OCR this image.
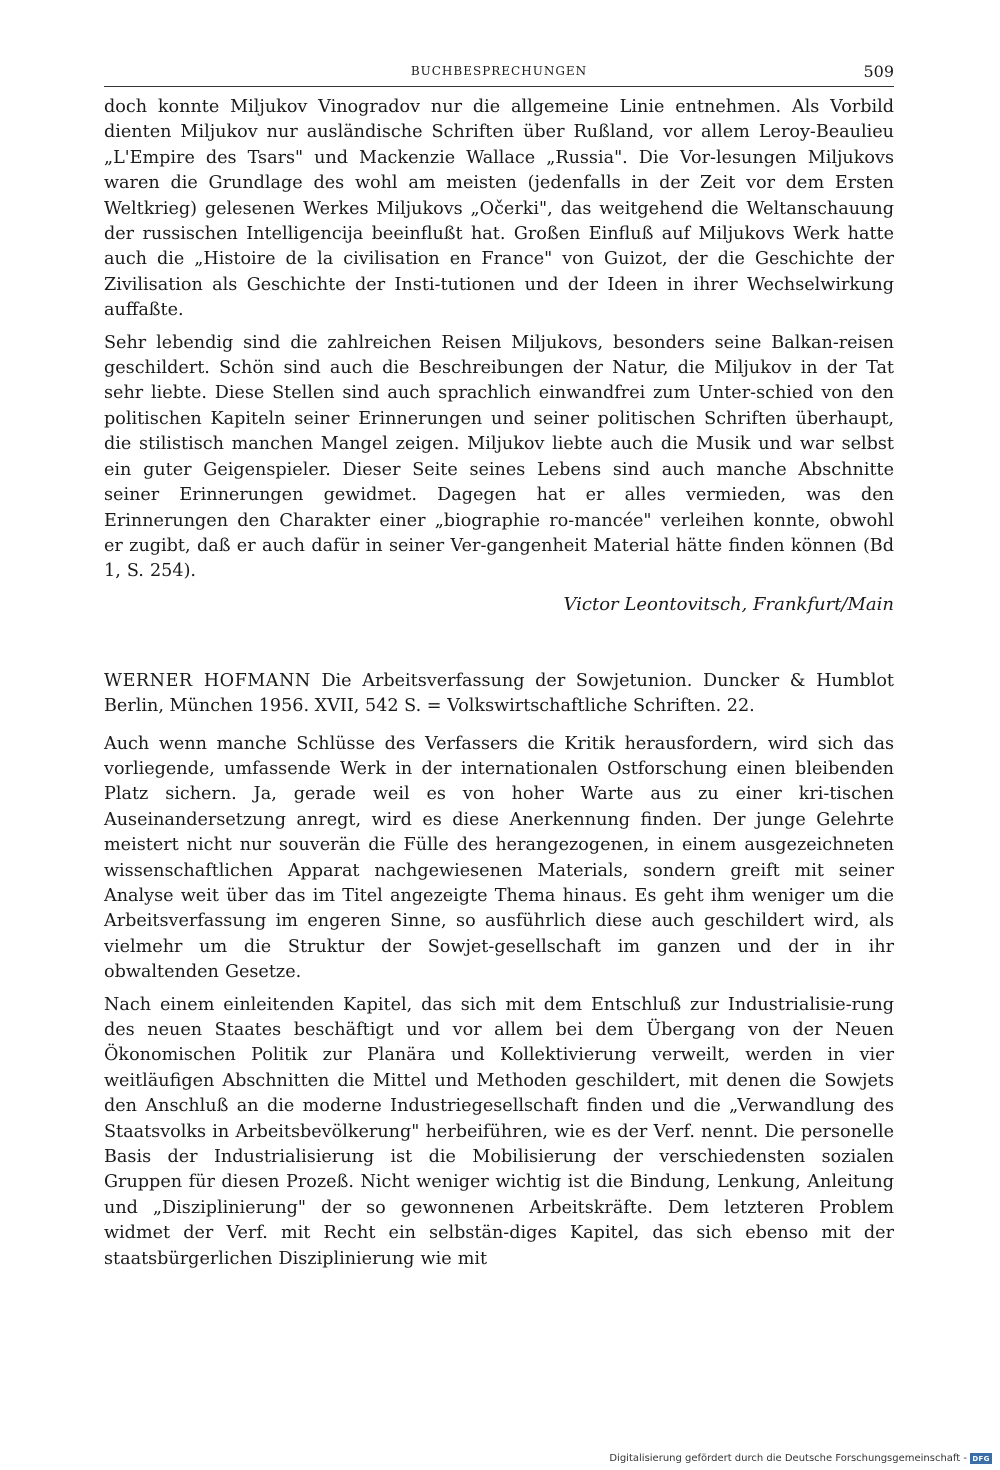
BUCHBESPRECHUNGEN	509

doch konnte Miljukov Vinogradov nur die allgemeine Linie entnehmen. Als Vorbild dienten Miljukov nur ausländische Schriften über Rußland, vor allem Leroy-Beaulieu „L'Empire des Tsars" und Mackenzie Wallace „Russia". Die Vor-lesungen Miljukovs waren die Grundlage des wohl am meisten (jedenfalls in der Zeit vor dem Ersten Weltkrieg) gelesenen Werkes Miljukovs „Očerki", das weitgehend die Weltanschauung der russischen Intelligencija beeinflußt hat. Großen Einfluß auf Miljukovs Werk hatte auch die „Histoire de la civilisation en France" von Guizot, der die Geschichte der Zivilisation als Geschichte der Insti-tutionen und der Ideen in ihrer Wechselwirkung auffaßte.

Sehr lebendig sind die zahlreichen Reisen Miljukovs, besonders seine Balkan-reisen geschildert. Schön sind auch die Beschreibungen der Natur, die Miljukov in der Tat sehr liebte. Diese Stellen sind auch sprachlich einwandfrei zum Unter-schied von den politischen Kapiteln seiner Erinnerungen und seiner politischen Schriften überhaupt, die stilistisch manchen Mangel zeigen. Miljukov liebte auch die Musik und war selbst ein guter Geigenspieler. Dieser Seite seines Lebens sind auch manche Abschnitte seiner Erinnerungen gewidmet. Dagegen hat er alles vermieden, was den Erinnerungen den Charakter einer „biographie ro-mancée" verleihen konnte, obwohl er zugibt, daß er auch dafür in seiner Ver-gangenheit Material hätte finden können (Bd 1, S. 254).

Victor Leontovitsch, Frankfurt/Main
WERNER HOFMANN Die Arbeitsverfassung der Sowjetunion. Duncker & Humblot Berlin, München 1956. XVII, 542 S. = Volkswirtschaftliche Schriften. 22.

Auch wenn manche Schlüsse des Verfassers die Kritik herausfordern, wird sich das vorliegende, umfassende Werk in der internationalen Ostforschung einen bleibenden Platz sichern. Ja, gerade weil es von hoher Warte aus zu einer kri-tischen Auseinandersetzung anregt, wird es diese Anerkennung finden. Der junge Gelehrte meistert nicht nur souverän die Fülle des herangezogenen, in einem ausgezeichneten wissenschaftlichen Apparat nachgewiesenen Materials, sondern greift mit seiner Analyse weit über das im Titel angezeigte Thema hinaus. Es geht ihm weniger um die Arbeitsverfassung im engeren Sinne, so ausführlich diese auch geschildert wird, als vielmehr um die Struktur der Sowjet-gesellschaft im ganzen und der in ihr obwaltenden Gesetze.

Nach einem einleitenden Kapitel, das sich mit dem Entschluß zur Industrialisie-rung des neuen Staates beschäftigt und vor allem bei dem Übergang von der Neuen Ökonomischen Politik zur Planära und Kollektivierung verweilt, werden in vier weitläufigen Abschnitten die Mittel und Methoden geschildert, mit denen die Sowjets den Anschluß an die moderne Industriegesellschaft finden und die „Verwandlung des Staatsvolks in Arbeitsbevölkerung" herbeiführen, wie es der Verf. nennt. Die personelle Basis der Industrialisierung ist die Mobilisierung der verschiedensten sozialen Gruppen für diesen Prozeß. Nicht weniger wichtig ist die Bindung, Lenkung, Anleitung und „Disziplinierung" der so gewonnenen Arbeitskräfte. Dem letzteren Problem widmet der Verf. mit Recht ein selbstän-diges Kapitel, das sich ebenso mit der staatsbürgerlichen Disziplinierung wie mit

Digitalisierung gefördert durch die Deutsche Forschungsgemeinschaft - DFG
